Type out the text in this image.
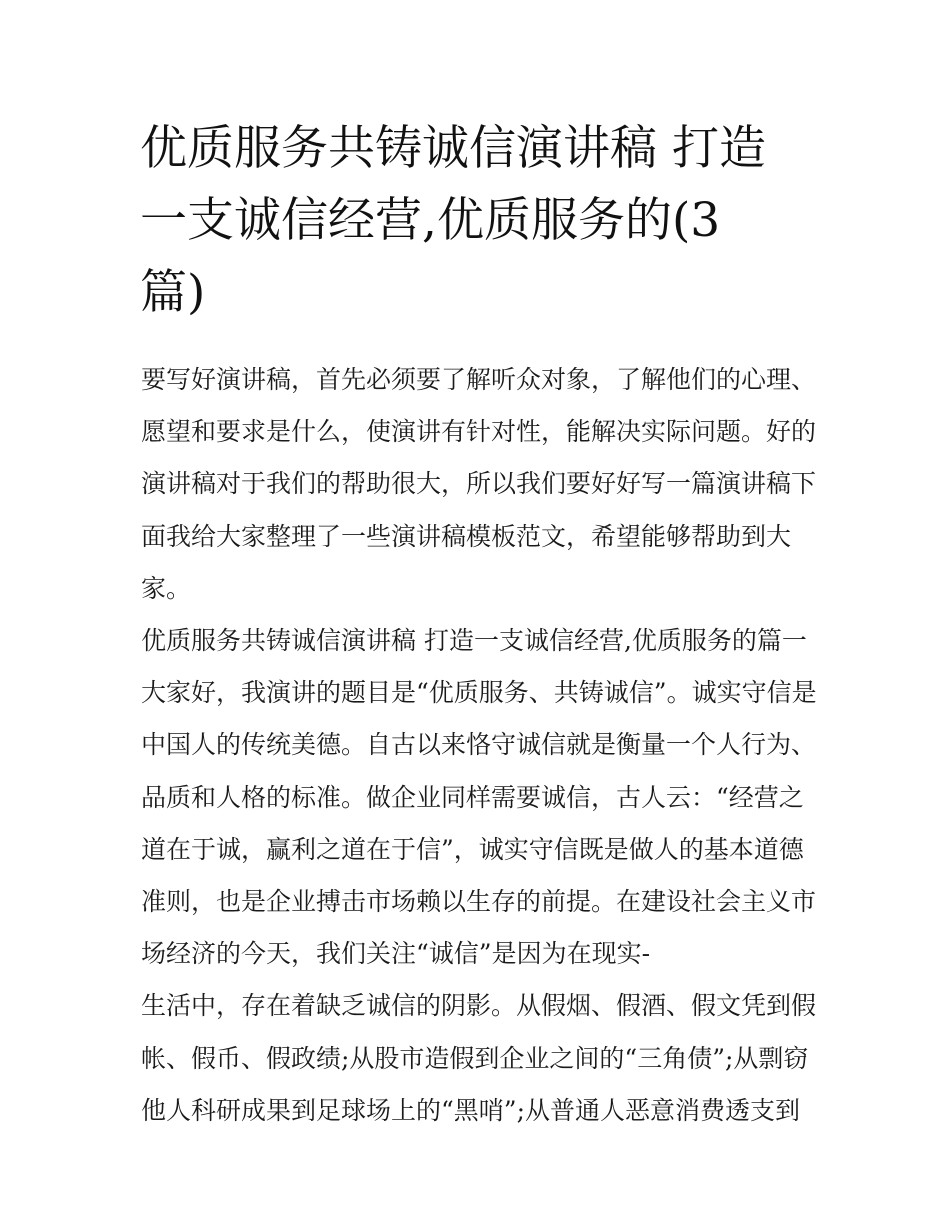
优质服务共铸诚信演讲稿 打造
一支诚信经营,优质服务的(3
篇)
要写好演讲稿，首先必须要了解听众对象，了解他们的心理、
愿望和要求是什么，使演讲有针对性，能解决实际问题。好的
演讲稿对于我们的帮助很大，所以我们要好好写一篇演讲稿下
面我给大家整理了一些演讲稿模板范文，希望能够帮助到大
家。
优质服务共铸诚信演讲稿 打造一支诚信经营,优质服务的篇一
大家好，我演讲的题目是“优质服务、共铸诚信”。诚实守信是
中国人的传统美德。自古以来恪守诚信就是衡量一个人行为、
品质和人格的标准。做企业同样需要诚信，古人云：“经营之
道在于诚，赢利之道在于信”，诚实守信既是做人的基本道德
准则，也是企业搏击市场赖以生存的前提。在建设社会主义市
场经济的今天，我们关注“诚信”是因为在现实-
生活中，存在着缺乏诚信的阴影。从假烟、假酒、假文凭到假
帐、假币、假政绩;从股市造假到企业之间的“三角债”;从剽窃
他人科研成果到足球场上的“黑哨”;从普通人恶意消费透支到
